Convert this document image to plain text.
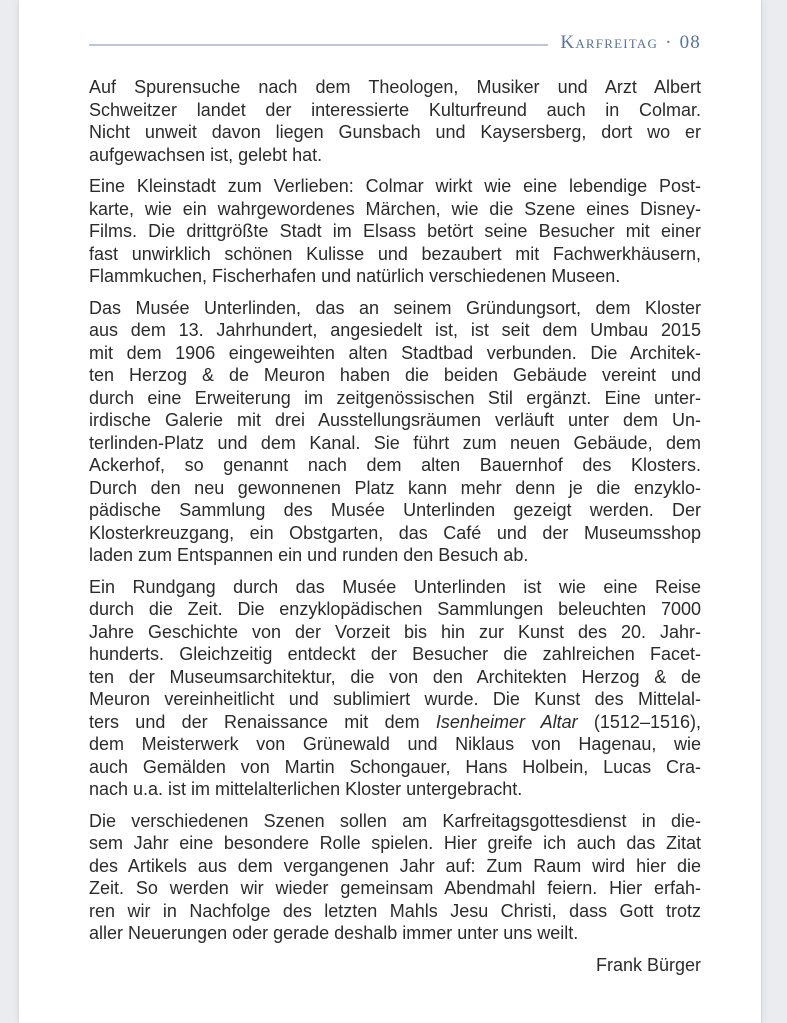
Karfreitag · 08
Auf Spurensuche nach dem Theologen, Musiker und Arzt Albert
Schweitzer landet der interessierte Kulturfreund auch in Colmar.
Nicht unweit davon liegen Gunsbach und Kaysersberg, dort wo er
aufgewachsen ist, gelebt hat.
Eine Kleinstadt zum Verlieben: Colmar wirkt wie eine lebendige Post-
karte, wie ein wahrgewordenes Märchen, wie die Szene eines Disney-
Films. Die drittgrößte Stadt im Elsass betört seine Besucher mit einer
fast unwirklich schönen Kulisse und bezaubert mit Fachwerkhäusern,
Flammkuchen, Fischerhafen und natürlich verschiedenen Museen.
Das Musée Unterlinden, das an seinem Gründungsort, dem Kloster
aus dem 13. Jahrhundert, angesiedelt ist, ist seit dem Umbau 2015
mit dem 1906 eingeweihten alten Stadtbad verbunden. Die Architek-
ten Herzog & de Meuron haben die beiden Gebäude vereint und
durch eine Erweiterung im zeitgenössischen Stil ergänzt. Eine unter-
irdische Galerie mit drei Ausstellungsräumen verläuft unter dem Un-
terlinden-Platz und dem Kanal. Sie führt zum neuen Gebäude, dem
Ackerhof, so genannt nach dem alten Bauernhof des Klosters.
Durch den neu gewonnenen Platz kann mehr denn je die enzyklo-
pädische Sammlung des Musée Unterlinden gezeigt werden. Der
Klosterkreuzgang, ein Obstgarten, das Café und der Museumsshop
laden zum Entspannen ein und runden den Besuch ab.
Ein Rundgang durch das Musée Unterlinden ist wie eine Reise
durch die Zeit. Die enzyklopädischen Sammlungen beleuchten 7000
Jahre Geschichte von der Vorzeit bis hin zur Kunst des 20. Jahr-
hunderts. Gleichzeitig entdeckt der Besucher die zahlreichen Facet-
ten der Museumsarchitektur, die von den Architekten Herzog & de
Meuron vereinheitlicht und sublimiert wurde. Die Kunst des Mittelal-
ters und der Renaissance mit dem Isenheimer Altar (1512–1516),
dem Meisterwerk von Grünewald und Niklaus von Hagenau, wie
auch Gemälden von Martin Schongauer, Hans Holbein, Lucas Cra-
nach u.a. ist im mittelalterlichen Kloster untergebracht.
Die verschiedenen Szenen sollen am Karfreitagsgottesdienst in die-
sem Jahr eine besondere Rolle spielen. Hier greife ich auch das Zitat
des Artikels aus dem vergangenen Jahr auf: Zum Raum wird hier die
Zeit. So werden wir wieder gemeinsam Abendmahl feiern. Hier erfah-
ren wir in Nachfolge des letzten Mahls Jesu Christi, dass Gott trotz
aller Neuerungen oder gerade deshalb immer unter uns weilt.
Frank Bürger
